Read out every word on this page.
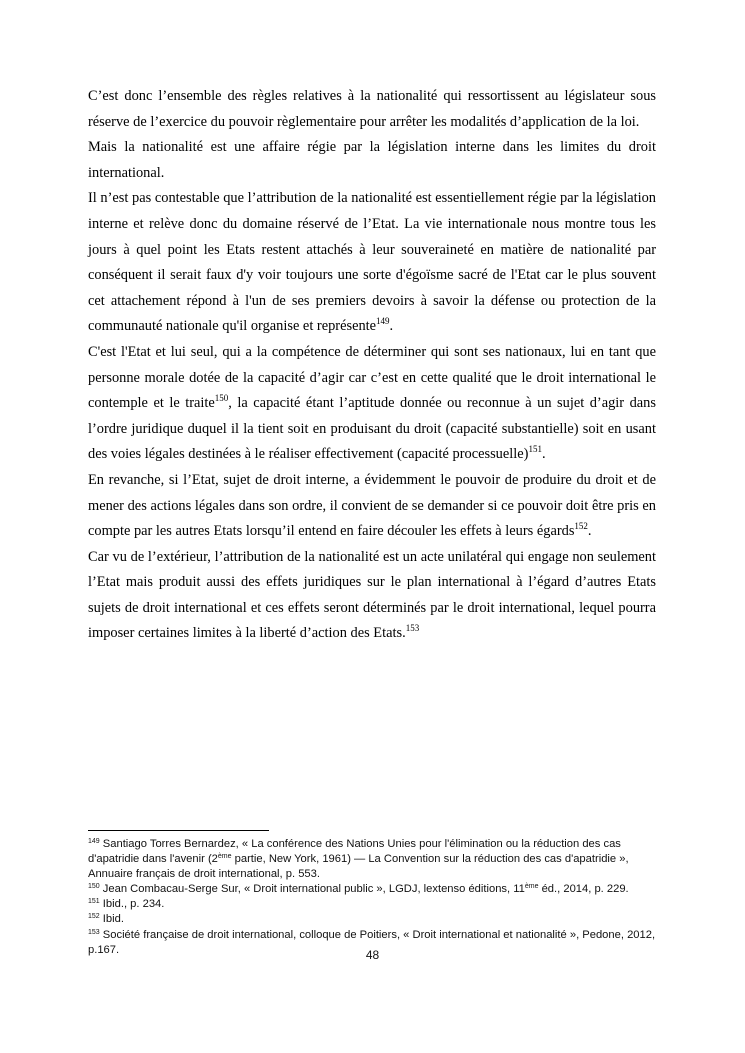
C’est donc l’ensemble des règles relatives à la nationalité qui ressortissent au législateur sous réserve de l’exercice du pouvoir règlementaire pour arrêter les modalités d’application de la loi.

Mais la nationalité est une affaire régie par la législation interne dans les limites du droit international.

Il n’est pas contestable que l’attribution de la nationalité est essentiellement régie par la législation interne et relève donc du domaine réservé de l’Etat. La vie internationale nous montre tous les jours à quel point les Etats restent attachés à leur souveraineté en matière de nationalité par conséquent il serait faux d'y voir toujours une sorte d'égoïsme sacré de l'Etat car le plus souvent cet attachement répond à l'un de ses premiers devoirs à savoir la défense ou protection de la communauté nationale qu'il organise et représente$^{149}$.

C'est l'Etat et lui seul, qui a la compétence de déterminer qui sont ses nationaux, lui en tant que personne morale dotée de la capacité d’agir car c’est en cette qualité que le droit international le contemple et le traite$^{150}$, la capacité étant l’aptitude donnée ou reconnue à un sujet d’agir dans l’ordre juridique duquel il la tient soit en produisant du droit (capacité substantielle) soit en usant des voies légales destinées à le réaliser effectivement (capacité processuelle)$^{151}$.

En revanche, si l’Etat, sujet de droit interne, a évidemment le pouvoir de produire du droit et de mener des actions légales dans son ordre, il convient de se demander si ce pouvoir doit être pris en compte par les autres Etats lorsqu’il entend en faire découler les effets à leurs égards$^{152}$.

Car vu de l’extérieur, l’attribution de la nationalité est un acte unilatéral qui engage non seulement l’Etat mais produit aussi des effets juridiques sur le plan international à l’égard d’autres Etats sujets de droit international et ces effets seront déterminés par le droit international, lequel pourra imposer certaines limites à la liberté d’action des Etats.$^{153}$

$^{149}$ Santiago Torres Bernardez, « La conférence des Nations Unies pour l'élimination ou la réduction des cas d'apatridie dans l'avenir (2ème partie, New York, 1961) — La Convention sur la réduction des cas d'apatridie », Annuaire français de droit international, p. 553.

$^{150}$ Jean Combacau-Serge Sur, « Droit international public », LGDJ, lextenso éditions, 11ème éd., 2014, p. 229.

$^{151}$ Ibid., p. 234.

$^{152}$ Ibid.

$^{153}$ Société française de droit international, colloque de Poitiers, « Droit international et nationalité », Pedone, 2012, p.167.	48
